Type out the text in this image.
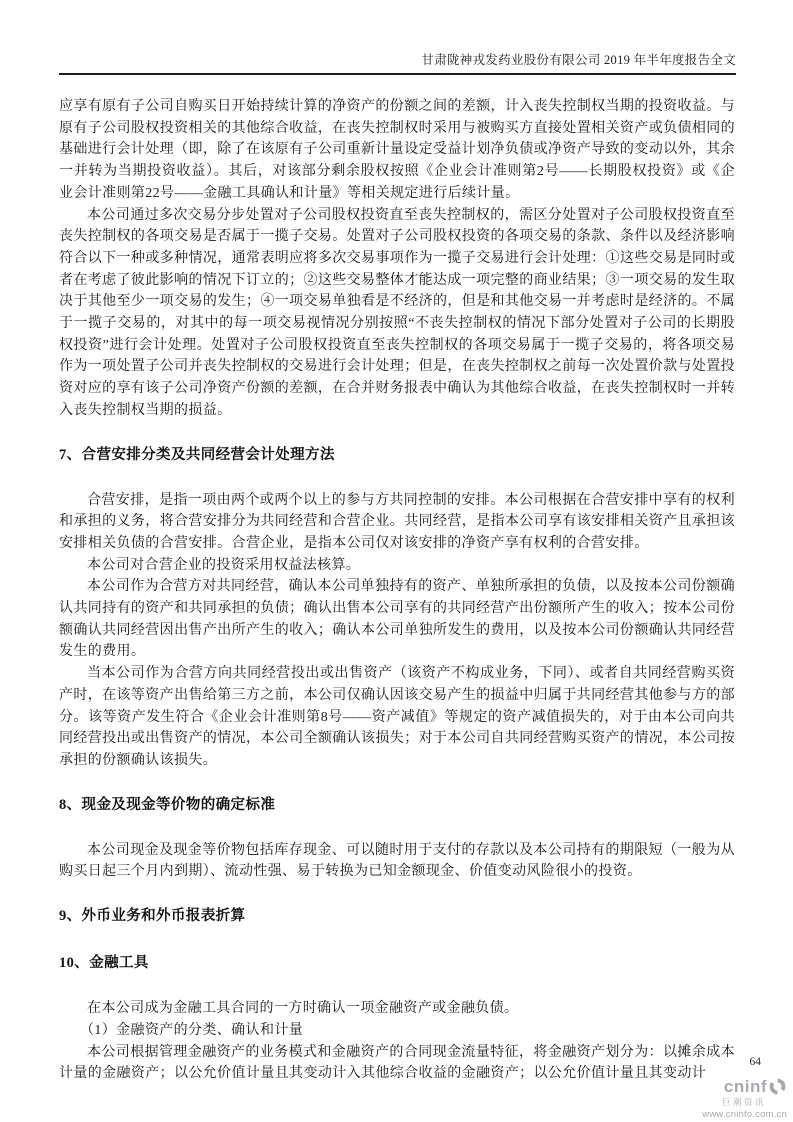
甘肃陇神戎发药业股份有限公司 2019 年半年度报告全文

应享有原有子公司自购买日开始持续计算的净资产的份额之间的差额，计入丧失控制权当期的投资收益。与原有子公司股权投资相关的其他综合收益，在丧失控制权时采用与被购买方直接处置相关资产或负债相同的基础进行会计处理（即，除了在该原有子公司重新计量设定受益计划净负债或净资产导致的变动以外，其余一并转为当期投资收益）。其后，对该部分剩余股权按照《企业会计准则第2号——长期股权投资》或《企业会计准则第22号——金融工具确认和计量》等相关规定进行后续计量。

本公司通过多次交易分步处置对子公司股权投资直至丧失控制权的，需区分处置对子公司股权投资直至丧失控制权的各项交易是否属于一揽子交易。处置对子公司股权投资的各项交易的条款、条件以及经济影响符合以下一种或多种情况，通常表明应将多次交易事项作为一揽子交易进行会计处理：①这些交易是同时或者在考虑了彼此影响的情况下订立的；②这些交易整体才能达成一项完整的商业结果；③一项交易的发生取决于其他至少一项交易的发生；④一项交易单独看是不经济的，但是和其他交易一并考虑时是经济的。不属于一揽子交易的，对其中的每一项交易视情况分别按照“不丧失控制权的情况下部分处置对子公司的长期股权投资”进行会计处理。处置对子公司股权投资直至丧失控制权的各项交易属于一揽子交易的，将各项交易作为一项处置子公司并丧失控制权的交易进行会计处理；但是，在丧失控制权之前每一次处置价款与处置投资对应的享有该子公司净资产份额的差额，在合并财务报表中确认为其他综合收益，在丧失控制权时一并转入丧失控制权当期的损益。

7、合营安排分类及共同经营会计处理方法

合营安排，是指一项由两个或两个以上的参与方共同控制的安排。本公司根据在合营安排中享有的权利和承担的义务，将合营安排分为共同经营和合营企业。共同经营，是指本公司享有该安排相关资产且承担该安排相关负债的合营安排。合营企业，是指本公司仅对该安排的净资产享有权利的合营安排。

本公司对合营企业的投资采用权益法核算。

本公司作为合营方对共同经营，确认本公司单独持有的资产、单独所承担的负债，以及按本公司份额确认共同持有的资产和共同承担的负债；确认出售本公司享有的共同经营产出份额所产生的收入；按本公司份额确认共同经营因出售产出所产生的收入；确认本公司单独所发生的费用，以及按本公司份额确认共同经营发生的费用。

当本公司作为合营方向共同经营投出或出售资产（该资产不构成业务，下同）、或者自共同经营购买资产时，在该等资产出售给第三方之前，本公司仅确认因该交易产生的损益中归属于共同经营其他参与方的部分。该等资产发生符合《企业会计准则第8号——资产减值》等规定的资产减值损失的，对于由本公司向共同经营投出或出售资产的情况，本公司全额确认该损失；对于本公司自共同经营购买资产的情况，本公司按承担的份额确认该损失。

8、现金及现金等价物的确定标准

本公司现金及现金等价物包括库存现金、可以随时用于支付的存款以及本公司持有的期限短（一般为从购买日起三个月内到期）、流动性强、易于转换为已知金额现金、价值变动风险很小的投资。

9、外币业务和外币报表折算
10、金融工具

在本公司成为金融工具合同的一方时确认一项金融资产或金融负债。

（1）金融资产的分类、确认和计量

本公司根据管理金融资产的业务模式和金融资产的合同现金流量特征，将金融资产划分为：以摊余成本计量的金融资产；以公允价值计量且其变动计入其他综合收益的金融资产；以公允价值计量且其变动计

64
cninf
巨潮资讯
www.cninfo.com.cn
